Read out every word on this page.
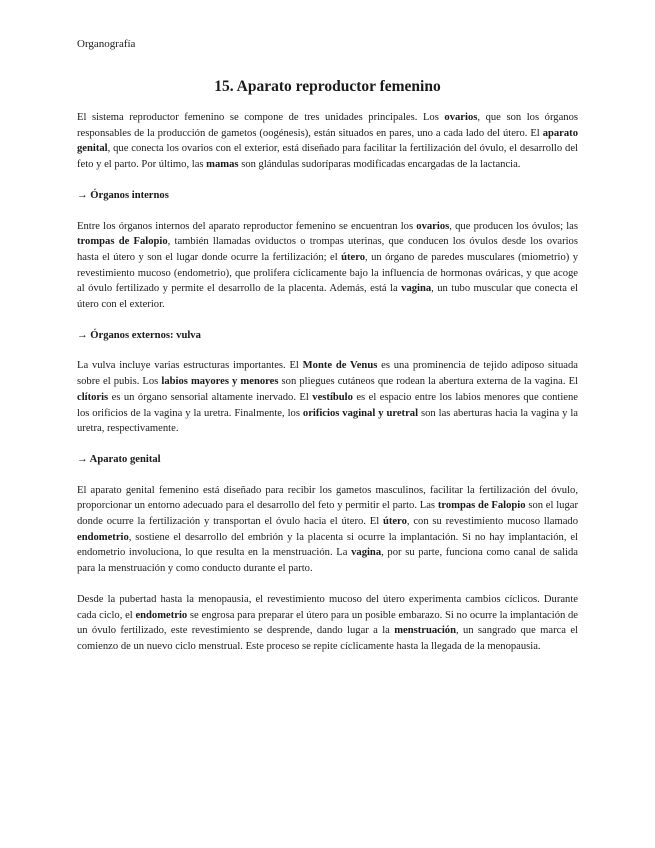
Organografía
15. Aparato reproductor femenino

El sistema reproductor femenino se compone de tres unidades principales. Los ovarios, que son los órganos responsables de la producción de gametos (oogénesis), están situados en pares, uno a cada lado del útero. El aparato genital, que conecta los ovarios con el exterior, está diseñado para facilitar la fertilización del óvulo, el desarrollo del feto y el parto. Por último, las mamas son glándulas sudoríparas modificadas encargadas de la lactancia.

→ Órganos internos

Entre los órganos internos del aparato reproductor femenino se encuentran los ovarios, que producen los óvulos; las trompas de Falopio, también llamadas oviductos o trompas uterinas, que conducen los óvulos desde los ovarios hasta el útero y son el lugar donde ocurre la fertilización; el útero, un órgano de paredes musculares (miometrio) y revestimiento mucoso (endometrio), que prolifera cíclicamente bajo la influencia de hormonas ováricas, y que acoge al óvulo fertilizado y permite el desarrollo de la placenta. Además, está la vagina, un tubo muscular que conecta el útero con el exterior.

→ Órganos externos: vulva

La vulva incluye varias estructuras importantes. El Monte de Venus es una prominencia de tejido adiposo situada sobre el pubis. Los labios mayores y menores son pliegues cutáneos que rodean la abertura externa de la vagina. El clítoris es un órgano sensorial altamente inervado. El vestíbulo es el espacio entre los labios menores que contiene los orificios de la vagina y la uretra. Finalmente, los orificios vaginal y uretral son las aberturas hacia la vagina y la uretra, respectivamente.

→ Aparato genital

El aparato genital femenino está diseñado para recibir los gametos masculinos, facilitar la fertilización del óvulo, proporcionar un entorno adecuado para el desarrollo del feto y permitir el parto. Las trompas de Falopio son el lugar donde ocurre la fertilización y transportan el óvulo hacia el útero. El útero, con su revestimiento mucoso llamado endometrio, sostiene el desarrollo del embrión y la placenta si ocurre la implantación. Si no hay implantación, el endometrio involuciona, lo que resulta en la menstruación. La vagina, por su parte, funciona como canal de salida para la menstruación y como conducto durante el parto.

Desde la pubertad hasta la menopausia, el revestimiento mucoso del útero experimenta cambios cíclicos. Durante cada ciclo, el endometrio se engrosa para preparar el útero para un posible embarazo. Si no ocurre la implantación de un óvulo fertilizado, este revestimiento se desprende, dando lugar a la menstruación, un sangrado que marca el comienzo de un nuevo ciclo menstrual. Este proceso se repite cíclicamente hasta la llegada de la menopausia.
